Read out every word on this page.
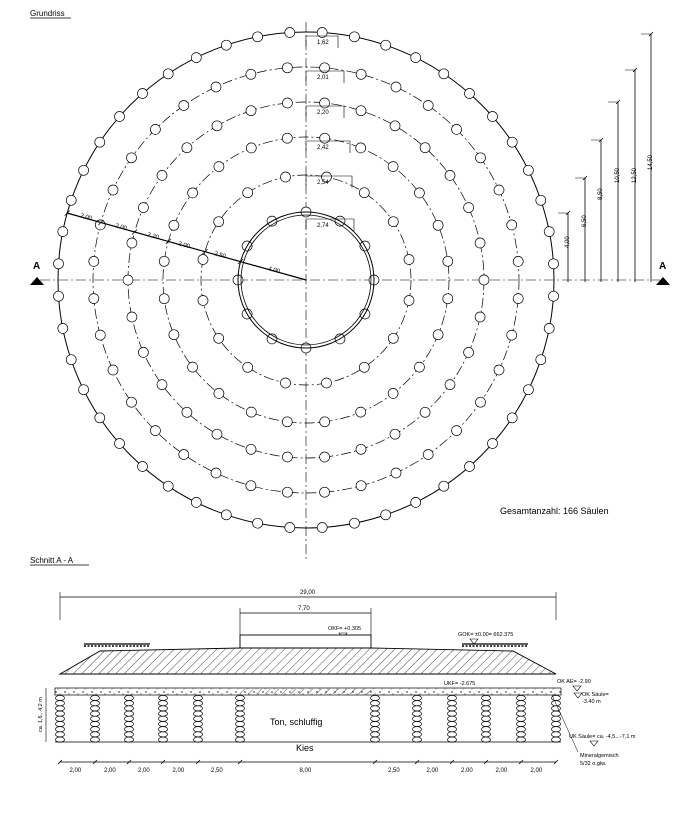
Grundriss
2,00
2,00
2,20
2,00
2,50
4,00
1,62
2,01
2,20
2,42
2,54
2,74
4,00
6,50
8,50
10,50 12,50
14,50
A	A
Gesamtanzahl: 166 Säulen
Schnitt A - A
29,00
7,70
OKF= +0.305
GOK= ±0.00= 662.375
UKF= -2.675	OK AE= -2.90
OK Säule=
-3.40 m
Ton, schluffig
Kies
ca. 1,6...4,2 m
UK Säule= ca. -4,5...-7,1 m
Mineralgemisch
5/32 o.glw.
2,00	2,00	2,00	2,00	2,50	8,00	2,50	2,00	2,00	2,00	2,00
